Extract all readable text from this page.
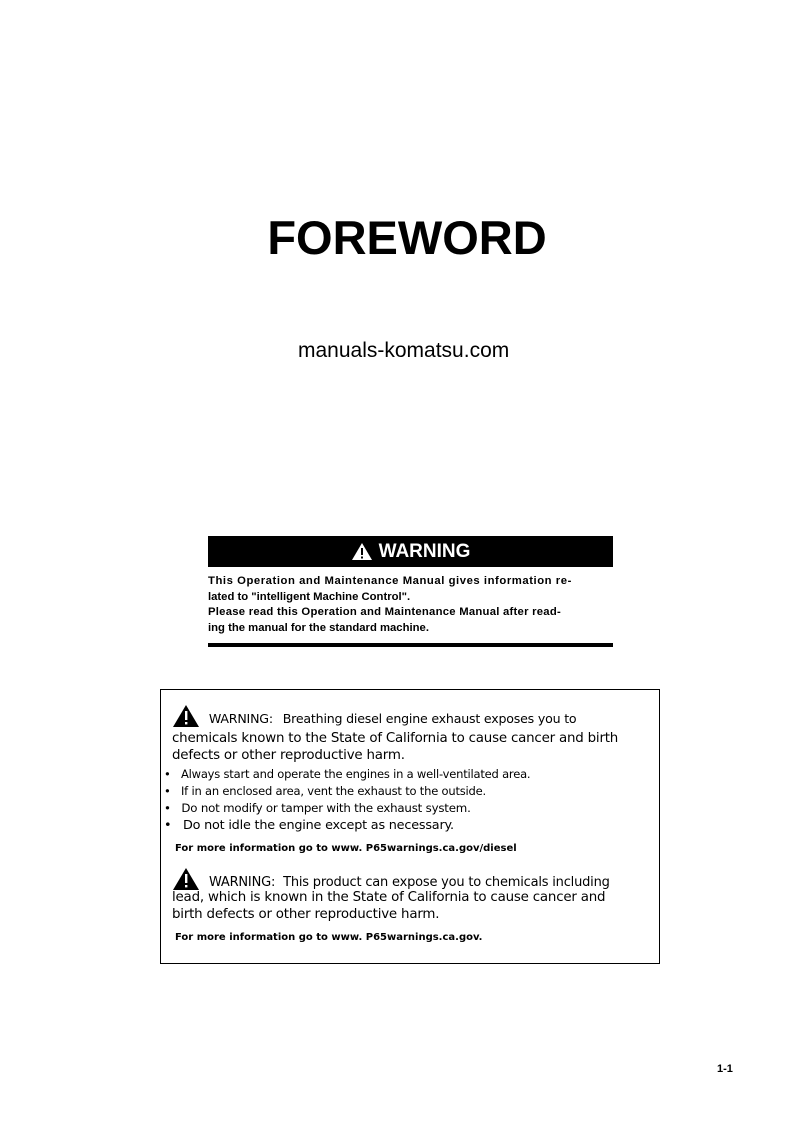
FOREWORD
manuals-komatsu.com
WARNING
This Operation and Maintenance Manual gives information re-
lated to "intelligent Machine Control".
Please read this Operation and Maintenance Manual after read-
ing the manual for the standard machine.
WARNING: Breathing diesel engine exhaust exposes you to
chemicals known to the State of California to cause cancer and birth
defects or other reproductive harm.
•   Always start and operate the engines in a well-ventilated area.
•   If in an enclosed area, vent the exhaust to the outside.
•   Do not modify or tamper with the exhaust system.
•   Do not idle the engine except as necessary.
For more information go to www. P65warnings.ca.gov/diesel
WARNING: This product can expose you to chemicals including
lead, which is known in the State of California to cause cancer and
birth defects or other reproductive harm.
For more information go to www. P65warnings.ca.gov.
1-1
